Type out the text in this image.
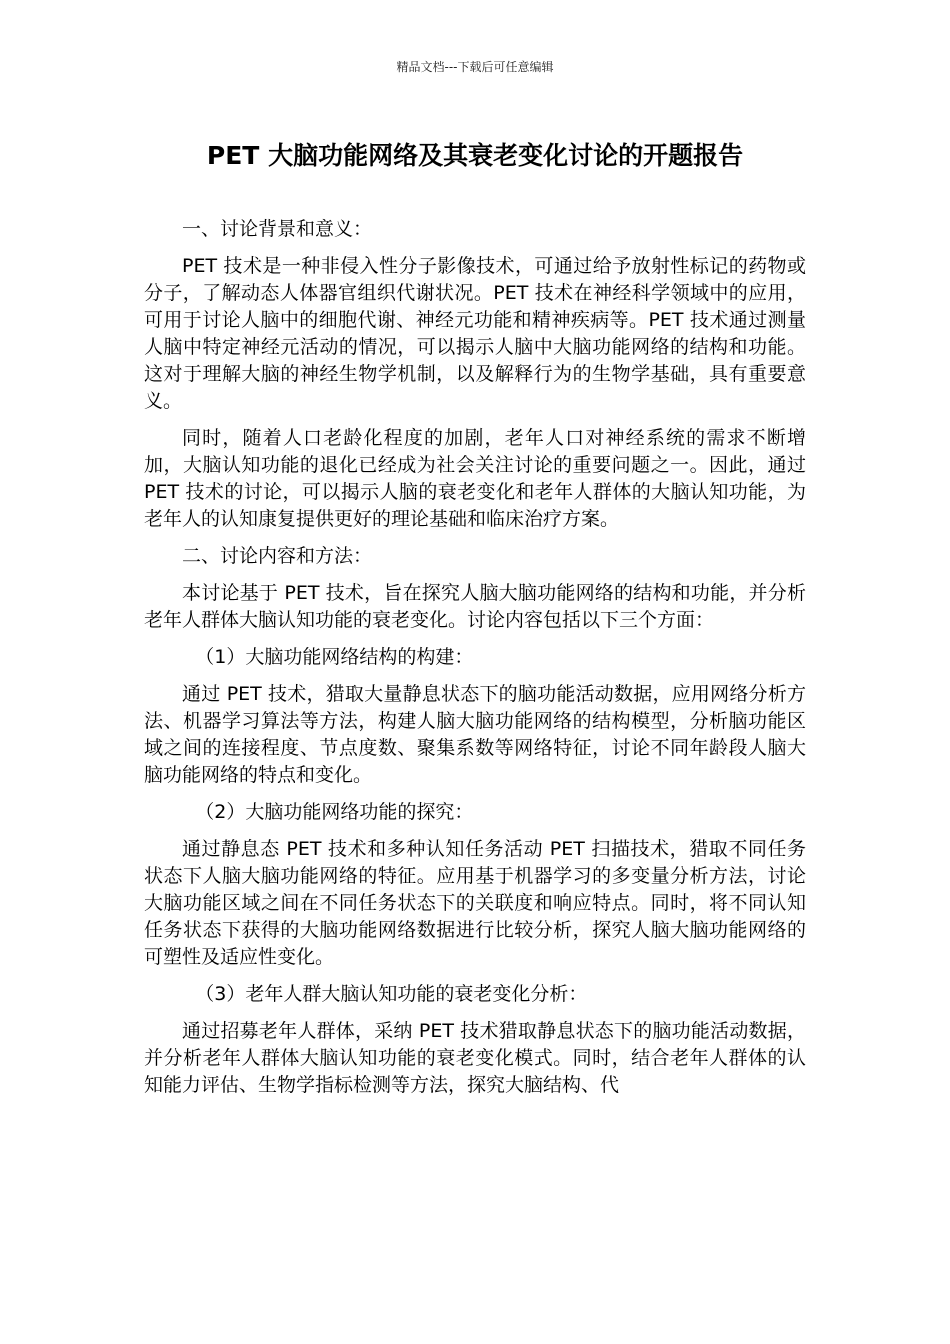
精品文档---下载后可任意编辑
PET 大脑功能网络及其衰老变化讨论的开题报告

一、讨论背景和意义：

PET 技术是一种非侵入性分子影像技术，可通过给予放射性标记的药物或分子，了解动态人体器官组织代谢状况。PET 技术在神经科学领域中的应用，可用于讨论人脑中的细胞代谢、神经元功能和精神疾病等。PET 技术通过测量人脑中特定神经元活动的情况，可以揭示人脑中大脑功能网络的结构和功能。这对于理解大脑的神经生物学机制，以及解释行为的生物学基础，具有重要意义。

同时，随着人口老龄化程度的加剧，老年人口对神经系统的需求不断增加，大脑认知功能的退化已经成为社会关注讨论的重要问题之一。因此，通过 PET 技术的讨论，可以揭示人脑的衰老变化和老年人群体的大脑认知功能，为老年人的认知康复提供更好的理论基础和临床治疗方案。

二、讨论内容和方法：

本讨论基于 PET 技术，旨在探究人脑大脑功能网络的结构和功能，并分析老年人群体大脑认知功能的衰老变化。讨论内容包括以下三个方面：

（1）大脑功能网络结构的构建：

通过 PET 技术，猎取大量静息状态下的脑功能活动数据，应用网络分析方法、机器学习算法等方法，构建人脑大脑功能网络的结构模型，分析脑功能区域之间的连接程度、节点度数、聚集系数等网络特征，讨论不同年龄段人脑大脑功能网络的特点和变化。

（2）大脑功能网络功能的探究：

通过静息态 PET 技术和多种认知任务活动 PET 扫描技术，猎取不同任务状态下人脑大脑功能网络的特征。应用基于机器学习的多变量分析方法，讨论大脑功能区域之间在不同任务状态下的关联度和响应特点。同时，将不同认知任务状态下获得的大脑功能网络数据进行比较分析，探究人脑大脑功能网络的可塑性及适应性变化。

（3）老年人群大脑认知功能的衰老变化分析：

通过招募老年人群体，采纳 PET 技术猎取静息状态下的脑功能活动数据，并分析老年人群体大脑认知功能的衰老变化模式。同时，结合老年人群体的认知能力评估、生物学指标检测等方法，探究大脑结构、代
